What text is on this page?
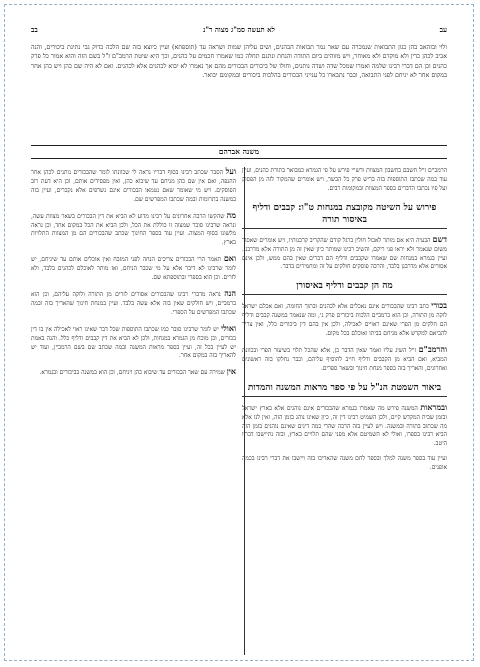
עב
לא תעשה סמ"ג מצוה ר"נ
בב
ולוי ובזהאב בהן כגון התבואות שנמכרה עם שאר גמר תבואות הבהנים, ושים עליהן שמות ושראה עד (תוספתא) ועיין כיוצא בזה שם הלכה כדוק גבי נתינת ביכורים, והנה אביב לכהן כדין ולא מוקדם ולא מאוחר, ויש מזוהים ביום התודה והנחת ונתנם תחלה כמו שאמרו חכמים על כהנים, וכך היא שיטת הרמב"ם ז"ל בשם הזה והוא אמור כל פרק כהנים וכן הם דברי רבינו שלמה ואמרו שמכל שדה ושדה נותנים, וחולו של ביכורים הבכורים מהם אך נאמרו לא יבוא לכהנים אלא לכהנים. ואם לא היה שם כהן ויש כהן אחר במקום אחר לא יניחם לפני התבואה, וכבר נתבארו כל ענייני הבכורים בהלכות ביכורים ובמקומם יבואר.
משנה אברהם

הרמב"ם ז"ל חשבם בחשבון המצוות ורש"י פירש על פי הגמרא כמבואר בתורת כהנים, ועיין עוד במה שכתבו התוספות בזה בריש פרק כל הבשר, ויש אומרים שהמקור לזה מן הפסוק ועל פיו נכתבו הדברים בספר המצוות ובמקומות רבים.

פירוש על השיטה מקובצת במנחות ט"ו: קבבים ודליף באיסור תורה

דשם הבעיה היא אם מותר לאכול חולין ברגל קודם שהקריב קרבנותיו, ויש אומרים שאסור משום שנאמר ולא יראו פני ריקם, והשיב רבינו שמותר כיון שאין זה מן התורה אלא מדרבנן. ועיין בגמרא במנחות שם שאמרו שקבבים ודליף הם דברים שאין בהם ממש, ולכן אינם אסורים אלא מדרבנן בלבד, והרבה פוסקים חולקים על זה ומחמירים בדבר.

מה הן קבבים ודליף באיסורן

בכורי כתב רבינו שהבכורים אינם נאכלים אלא לכהנים ובתוך החומה, ואם אכלם ישראל לוקה מן התורה, וכן הוא ברמב"ם הלכות ביכורים פרק ג', ומה שנאמר במשנה קבבים ודליף הם חלקים מן הפרי שאינם ראויים לאכילה, ולכן אין בהם דין ביכורים כלל, ואין צריך להביאם למקדש אלא מניחם בביתו ואוכלם בכל מקום.

והרמב"ם ז"ל השיג עליו ואמר שאין הדבר כן, אלא שהכל תלוי בשיעור הפרי ובכוונת המביא, ואם הביא מן הקבבים ודליף חייב להוסיף עליהם, וכבר נחלקו בזה ראשונים ואחרונים, והאריך בזה בספר מנחת חינוך ובשאר ספרים.

ביאור השמטת הנ"ל על פי ספר מראות המשנה והמדות

ובמראות המשנה פירש מה שאמרו בגמרא שהבכורים אינם נוהגים אלא בארץ ישראל ובזמן שבית המקדש קיים, ולכן השמיט רבינו דין זה, כיון שאינו נוהג בזמן הזה, ואין לנו אלא מה שכתוב בתורה ובמשנה. ויש לעיין בזה הרבה שהרי כמה דינים שאינם נוהגים בזמן הזה הביא רבינו בספרו, ואולי לא השמיטם אלא מפני שהם תלויים בארץ, ובזה נתיישבו דבריו היטב.

ועיין עוד בספר משנה למלך ובספר לחם משנה שהאריכו בזה ויישבו את דברי רבינו בכמה אופנים.

ועל הסבר שכתב רבינו בסוף דבריו נראה לי שכוונתו לומר שהבכורים נותנים לכהן אחר ההנפה, ואם אין שם כהן מניחם עד שיבוא כהן, ואין מפסידים אותם, וכן היא דעת רוב הפוסקים. ויש מי שאומר שאם נטמאו הבכורים אינם נשרפים אלא נקברים, ועיין בזה במשנה בתרומות ובמה שכתבו המפרשים שם.

מה שהקשו הרבה אחרונים על רבינו מדוע לא הביא את דין הבכורים בשאר מצוות עשה, ונראה שרבינו סובר שמצוה זו כוללת את הכל, ולכן הביא את הכל במקום אחד, וכן נראה מלשונו בסוף המצוה. ועיין עוד בספר החינוך שכתב שהבכורים הם מן המצוות התלויות בארץ.

ואם תאמר הרי הבכורים צריכים הנחה לפני המזבח ואין אוכלים אותם עד שיניחם, יש לומר שרבינו לא דיבר אלא על מי שכבר הניחם, ואז מותר לאוכלם לכהנים בלבד, ולא לזרים. וכן הוא בספרי ובתוספתא שם.

הנה נראה מדברי רבינו שהבכורים אסורים לזרים מן התורה ולוקה עליהם, וכן הוא ברמב"ם, ויש חולקים שאין בזה אלא עשה בלבד. ועיין במנחת חינוך שהאריך בזה ובמה שכתבו המפרשים על הספרי.

ואולי יש לומר שרבינו סובר כמו שכתבו התוספות שכל דבר שאינו ראוי לאכילה אין בו דין בכורים, וכן מוכח מן הגמרא במנחות, ולכן לא הביא את דין קבבים ודליף כלל. והנה באמת יש לעיין בכל זה, ועיין בספר מראות המשנה ובמה שכתב שם בשם הרמב"ן, ועוד יש להאריך בזה במקום אחר.

אין שמירה עם שאר הבכורים עד שיבוא כהן ויניחם, וכן הוא במשנה בביכורים ובגמרא.
